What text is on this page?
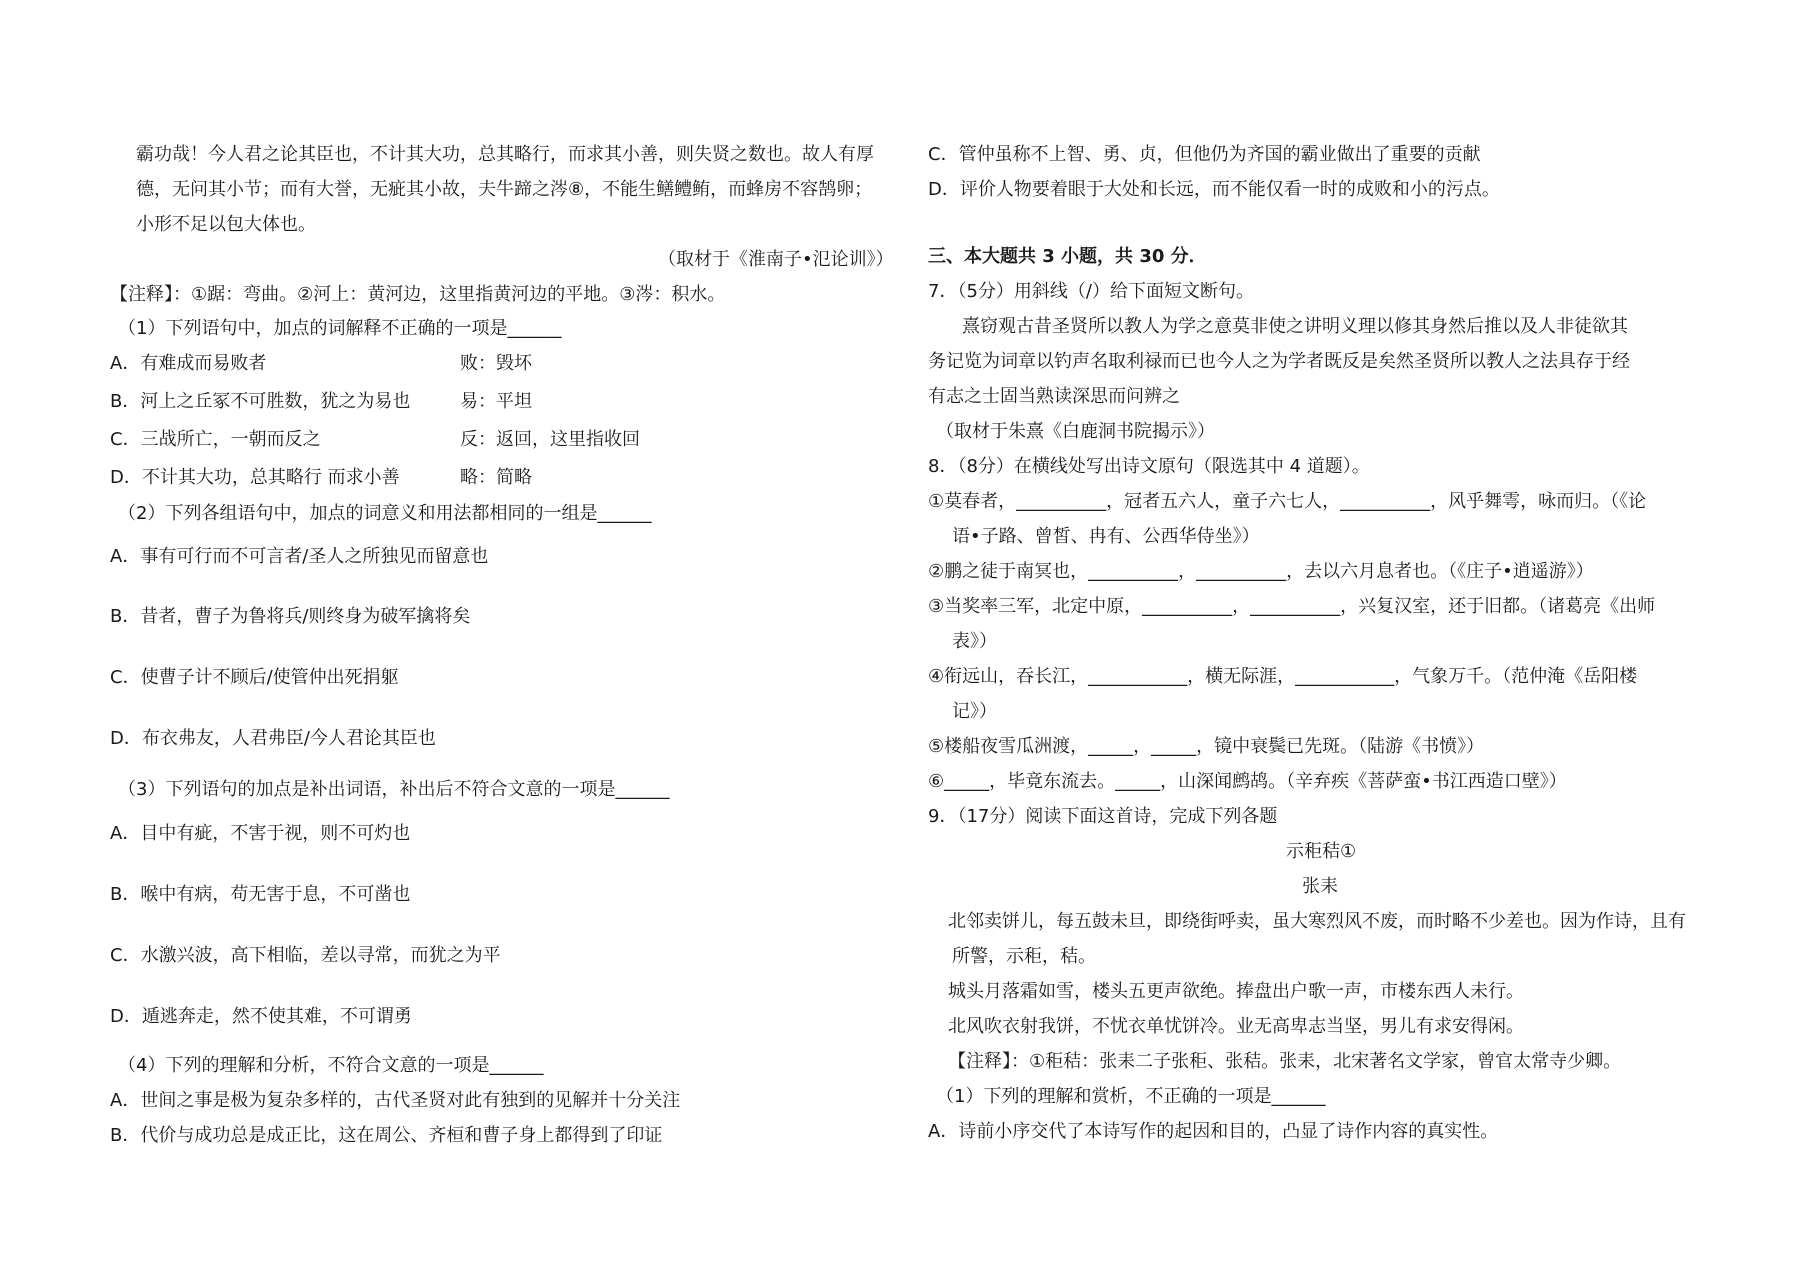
霸功哉！今人君之论其臣也，不计其大功，总其略行，而求其小善，则失贤之数也。故人有厚
德，无问其小节；而有大誉，无疵其小故，夫牛蹄之涔⑧，不能生鳝鳢鲔，而蜂房不容鹄卵；
小形不足以包大体也。
（取材于《淮南子•氾论训》）
【注释】：①踞：弯曲。②河上：黄河边，这里指黄河边的平地。③涔：积水。
（1）下列语句中，加点的词解释不正确的一项是______
A．有难成而易败者	败：毁坏
B．河上之丘冢不可胜数，犹之为易也	易：平坦
C．三战所亡，一朝而反之	反：返回，这里指收回
D．不计其大功，总其略行 而求小善	略：简略
（2）下列各组语句中，加点的词意义和用法都相同的一组是______
A．事有可行而不可言者/圣人之所独见而留意也
B．昔者，曹子为鲁将兵/则终身为破军擒将矣
C．使曹子计不顾后/使管仲出死捐躯
D．布衣弗友，人君弗臣/今人君论其臣也
（3）下列语句的加点是补出词语，补出后不符合文意的一项是______
A．目中有疵，不害于视，则不可灼也
B．喉中有病，苟无害于息，不可凿也
C．水激兴波，高下相临，差以寻常，而犹之为平
D．遁逃奔走，然不使其难，不可谓勇
（4）下列的理解和分析，不符合文意的一项是______
A．世间之事是极为复杂多样的，古代圣贤对此有独到的见解并十分关注
B．代价与成功总是成正比，这在周公、齐桓和曹子身上都得到了印证
C．管仲虽称不上智、勇、贞，但他仍为齐国的霸业做出了重要的贡献
D．评价人物要着眼于大处和长远，而不能仅看一时的成败和小的污点。
三、本大题共 3 小题，共 30 分．
7．（5分）用斜线（/）给下面短文断句。
熹窃观古昔圣贤所以教人为学之意莫非使之讲明义理以修其身然后推以及人非徒欲其
务记览为词章以钓声名取利禄而已也今人之为学者既反是矣然圣贤所以教人之法具存于经
有志之士固当熟读深思而问辨之
（取材于朱熹《白鹿洞书院揭示》）
8．（8分）在横线处写出诗文原句（限选其中 4 道题）。
①莫春者，__________，冠者五六人，童子六七人，__________，风乎舞雩，咏而归。（《论
语•子路、曾皙、冉有、公西华侍坐》）
②鹏之徒于南冥也，__________，__________，去以六月息者也。（《庄子•逍遥游》）
③当奖率三军，北定中原，__________，__________，兴复汉室，还于旧都。（诸葛亮《出师
表》）
④衔远山，吞长江，___________，横无际涯，___________，气象万千。（范仲淹《岳阳楼
记》）
⑤楼船夜雪瓜洲渡，_____，_____，镜中衰鬓已先斑。（陆游《书愤》）
⑥_____，毕竟东流去。_____，山深闻鹧鸪。（辛弃疾《菩萨蛮•书江西造口壁》）
9．（17分）阅读下面这首诗，完成下列各题
示秬秸①
张耒
北邻卖饼儿，每五鼓未旦，即绕街呼卖，虽大寒烈风不废，而时略不少差也。因为作诗，且有
所警，示秬，秸。
城头月落霜如雪，楼头五更声欲绝。捧盘出户歌一声，市楼东西人未行。
北风吹衣射我饼，不忧衣单忧饼冷。业无高卑志当坚，男儿有求安得闲。
【注释】：①秬秸：张耒二子张秬、张秸。张耒，北宋著名文学家，曾官太常寺少卿。
（1）下列的理解和赏析，不正确的一项是______
A．诗前小序交代了本诗写作的起因和目的，凸显了诗作内容的真实性。
